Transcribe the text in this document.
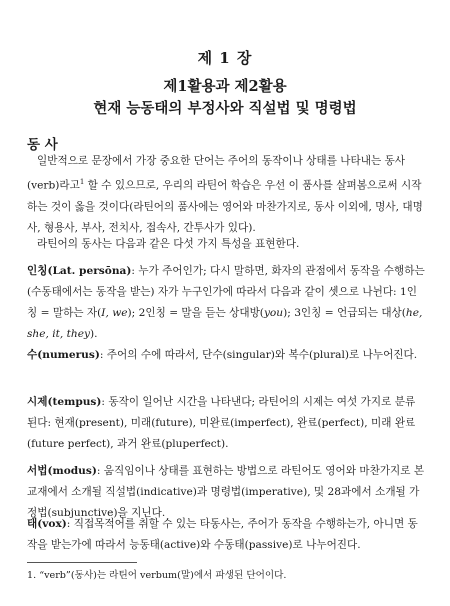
제 1 장
제1활용과 제2활용
현재 능동태의 부정사와 직설법 및 명령법
동 사
일반적으로 문장에서 가장 중요한 단어는 주어의 동작이나 상태를 나타내는 동사(verb)라고$^1$ 할 수 있으므로, 우리의 라틴어 학습은 우선 이 품사를 살펴봄으로써 시작하는 것이 옳을 것이다(라틴어의 품사에는 영어와 마찬가지로, 동사 이외에, 명사, 대명사, 형용사, 부사, 전치사, 접속사, 간투사가 있다).
라틴어의 동사는 다음과 같은 다섯 가지 특성을 표현한다.
인칭(Lat. persōna): 누가 주어인가; 다시 말하면, 화자의 관점에서 동작을 수행하는(수동태에서는 동작을 받는) 자가 누구인가에 따라서 다음과 같이 셋으로 나뉜다: 1인칭 = 말하는 자(I, we); 2인칭 = 말을 듣는 상대방(you); 3인칭 = 언급되는 대상(he, she, it, they).
수(numerus): 주어의 수에 따라서, 단수(singular)와 복수(plural)로 나누어진다.
시제(tempus): 동작이 일어난 시간을 나타낸다; 라틴어의 시제는 여섯 가지로 분류된다: 현재(present), 미래(future), 미완료(imperfect), 완료(perfect), 미래 완료(future perfect), 과거 완료(pluperfect).
서법(modus): 움직임이나 상태를 표현하는 방법으로 라틴어도 영어와 마찬가지로 본 교재에서 소개될 직설법(indicative)과 명령법(imperative), 및 28과에서 소개될 가정법(subjunctive)을 지닌다.
태(vox): 직접목적어를 취할 수 있는 타동사는, 주어가 동작을 수행하는가, 아니면 동작을 받는가에 따라서 능동태(active)와 수동태(passive)로 나누어진다.
1. “verb”(동사)는 라틴어 verbum(말)에서 파생된 단어이다.
